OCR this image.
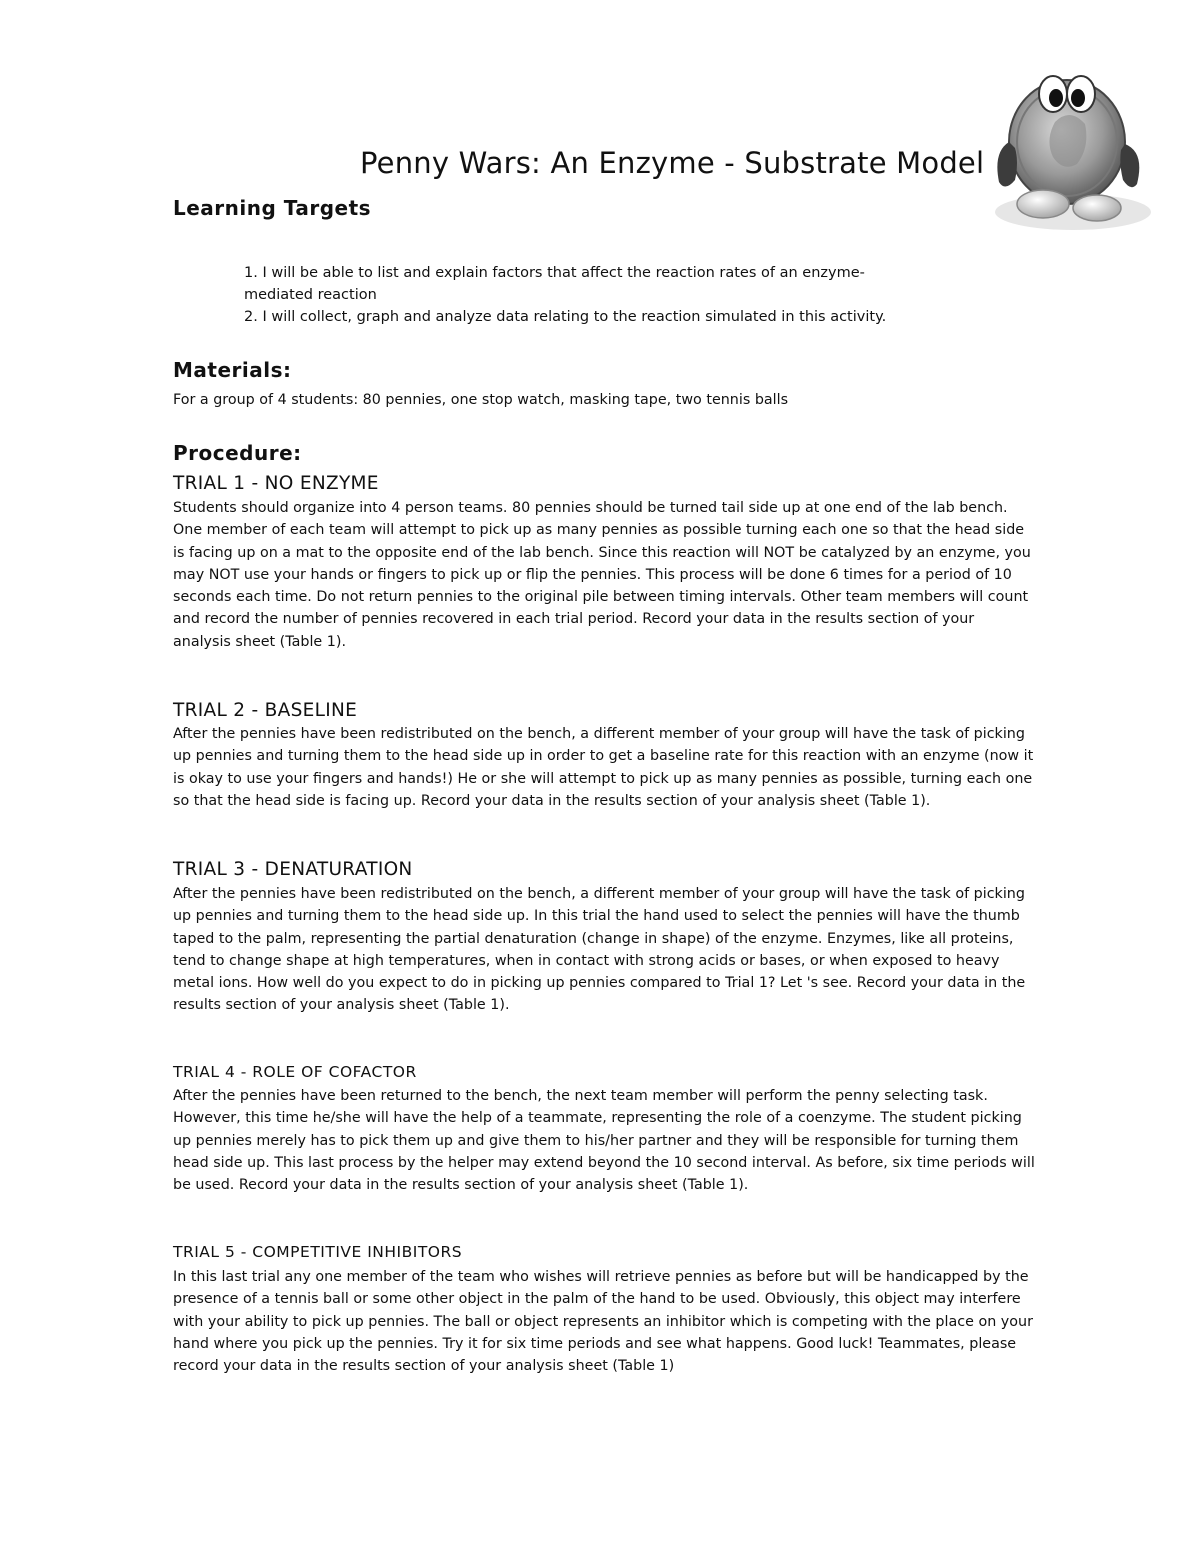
Penny Wars: An Enzyme - Substrate Model
Learning Targets
1. I will be able to list and explain factors that affect the reaction rates of an enzyme-mediated reaction
2. I will collect, graph and analyze data relating to the reaction simulated in this activity.
Materials:

For a group of 4 students: 80 pennies, one stop watch, masking tape, two tennis balls

Procedure:
TRIAL 1 - NO ENZYME

Students should organize into 4 person teams. 80 pennies should be turned tail side up at one end of the lab bench. One member of each team will attempt to pick up as many pennies as possible turning each one so that the head side is facing up on a mat to the opposite end of the lab bench. Since this reaction will NOT be catalyzed by an enzyme, you may NOT use your hands or fingers to pick up or flip the pennies. This process will be done 6 times for a period of 10 seconds each time. Do not return pennies to the original pile between timing intervals. Other team members will count and record the number of pennies recovered in each trial period. Record your data in the results section of your analysis sheet (Table 1).

TRIAL 2 - BASELINE

After the pennies have been redistributed on the bench, a different member of your group will have the task of picking up pennies and turning them to the head side up in order to get a baseline rate for this reaction with an enzyme (now it is okay to use your fingers and hands!) He or she will attempt to pick up as many pennies as possible, turning each one so that the head side is facing up. Record your data in the results section of your analysis sheet (Table 1).

TRIAL 3 - DENATURATION

After the pennies have been redistributed on the bench, a different member of your group will have the task of picking up pennies and turning them to the head side up. In this trial the hand used to select the pennies will have the thumb taped to the palm, representing the partial denaturation (change in shape) of the enzyme. Enzymes, like all proteins, tend to change shape at high temperatures, when in contact with strong acids or bases, or when exposed to heavy metal ions. How well do you expect to do in picking up pennies compared to Trial 1? Let 's see. Record your data in the results section of your analysis sheet (Table 1).

TRIAL 4 - ROLE OF COFACTOR

After the pennies have been returned to the bench, the next team member will perform the penny selecting task. However, this time he/she will have the help of a teammate, representing the role of a coenzyme. The student picking up pennies merely has to pick them up and give them to his/her partner and they will be responsible for turning them head side up. This last process by the helper may extend beyond the 10 second interval. As before, six time periods will be used. Record your data in the results section of your analysis sheet (Table 1).

TRIAL 5 - COMPETITIVE INHIBITORS

In this last trial any one member of the team who wishes will retrieve pennies as before but will be handicapped by the presence of a tennis ball or some other object in the palm of the hand to be used. Obviously, this object may interfere with your ability to pick up pennies. The ball or object represents an inhibitor which is competing with the place on your hand where you pick up the pennies. Try it for six time periods and see what happens. Good luck! Teammates, please record your data in the results section of your analysis sheet (Table 1)
